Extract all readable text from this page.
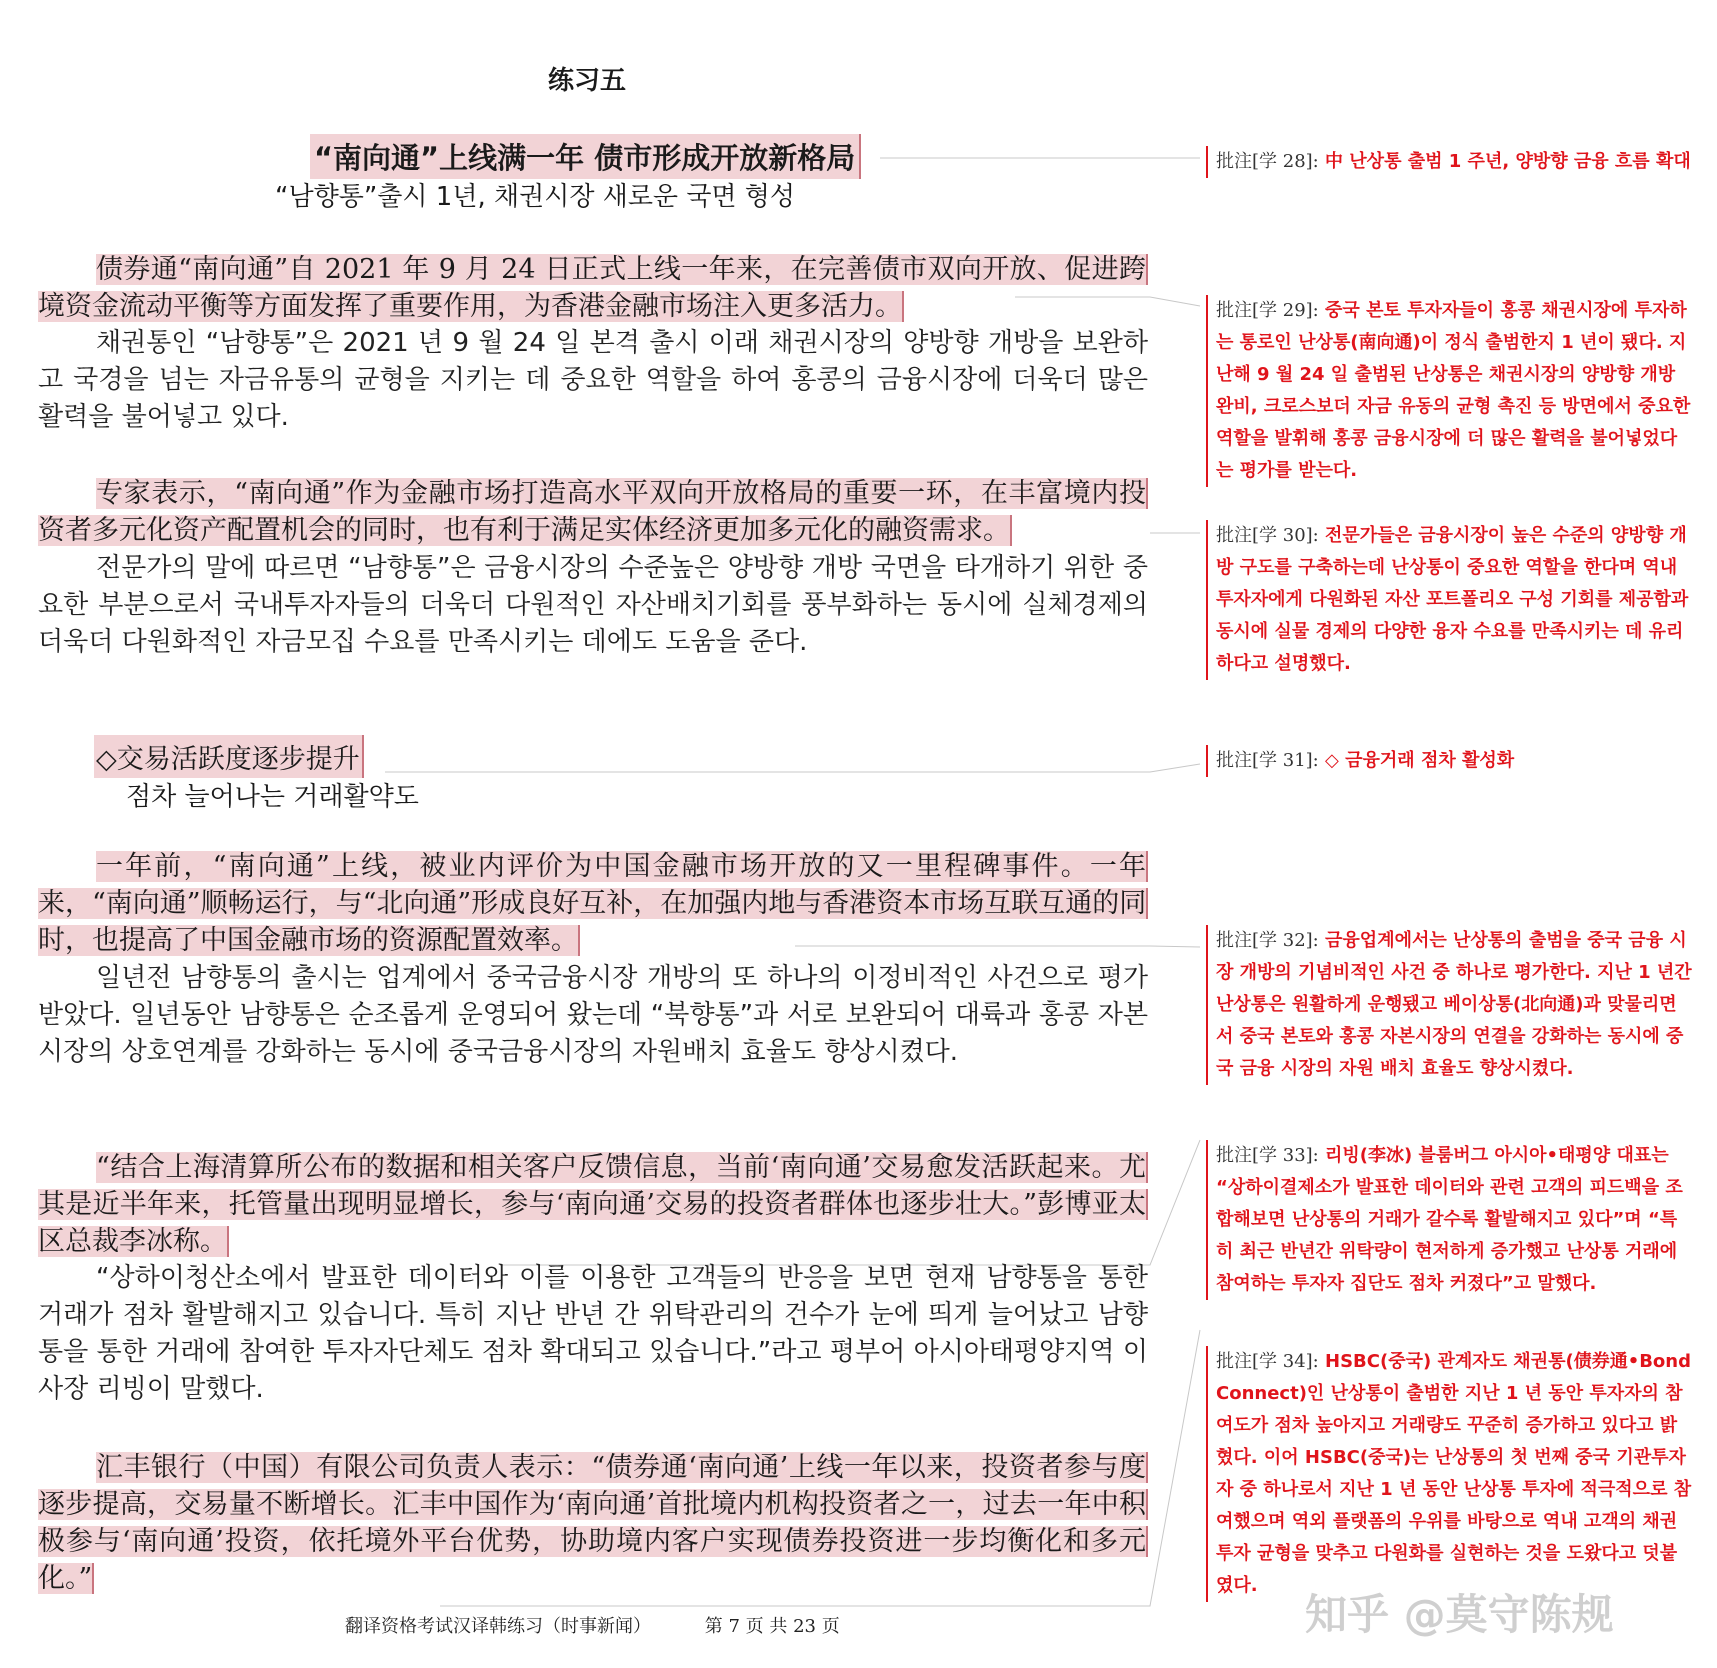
练习五
“南向通”上线满一年 债市形成开放新格局
“남향통”출시 1년, 채권시장 새로운 국면 형성
债券通“南向通”自 2021 年 9 月 24 日正式上线一年来，在完善债市双向开放、促进跨境资金流动平衡等方面发挥了重要作用，为香港金融市场注入更多活力。
채권통인 “남향통”은 2021 년 9 월 24 일 본격 출시 이래 채권시장의 양방향 개방을 보완하고 국경을 넘는 자금유통의 균형을 지키는 데 중요한 역할을 하여 홍콩의 금융시장에 더욱더 많은 활력을 불어넣고 있다.
专家表示，“南向通”作为金融市场打造高水平双向开放格局的重要一环，在丰富境内投资者多元化资产配置机会的同时，也有利于满足实体经济更加多元化的融资需求。
전문가의 말에 따르면 “남향통”은 금융시장의 수준높은 양방향 개방 국면을 타개하기 위한 중요한 부분으로서 국내투자자들의 더욱더 다원적인 자산배치기회를 풍부화하는 동시에 실체경제의 더욱더 다원화적인 자금모집 수요를 만족시키는 데에도 도움을 준다.
◇交易活跃度逐步提升
점차 늘어나는 거래활약도
一年前，“南向通”上线，被业内评价为中国金融市场开放的又一里程碑事件。一年来，“南向通”顺畅运行，与“北向通”形成良好互补，在加强内地与香港资本市场互联互通的同时，也提高了中国金融市场的资源配置效率。
일년전 남향통의 출시는 업계에서 중국금융시장 개방의 또 하나의 이정비적인 사건으로 평가받았다. 일년동안 남향통은 순조롭게 운영되어 왔는데 “북향통”과 서로 보완되어 대륙과 홍콩 자본시장의 상호연계를 강화하는 동시에 중국금융시장의 자원배치 효율도 향상시켰다.
“结合上海清算所公布的数据和相关客户反馈信息，当前‘南向通’交易愈发活跃起来。尤其是近半年来，托管量出现明显增长，参与‘南向通’交易的投资者群体也逐步壮大。”彭博亚太区总裁李冰称。
“상하이청산소에서 발표한 데이터와 이를 이용한 고객들의 반응을 보면 현재 남향통을 통한 거래가 점차 활발해지고 있습니다. 특히 지난 반년 간 위탁관리의 건수가 눈에 띄게 늘어났고 남향통을 통한 거래에 참여한 투자자단체도 점차 확대되고 있습니다.”라고 평부어 아시아태평양지역 이사장 리빙이 말했다.
汇丰银行（中国）有限公司负责人表示：“债券通‘南向通’上线一年以来，投资者参与度逐步提高，交易量不断增长。汇丰中国作为‘南向通’首批境内机构投资者之一，过去一年中积极参与‘南向通’投资，依托境外平台优势，协助境内客户实现债券投资进一步均衡化和多元化。”
批注[学 28]: 中 난상통 출범 1 주년, 양방향 금융 흐름 확대
批注[学 29]: 중국 본토 투자자들이 홍콩 채권시장에 투자하는 통로인 난상통(南向通)이 정식 출범한지 1 년이 됐다. 지난해 9 월 24 일 출범된 난상통은 채권시장의 양방향 개방 완비, 크로스보더 자금 유동의 균형 촉진 등 방면에서 중요한 역할을 발휘해 홍콩 금융시장에 더 많은 활력을 불어넣었다는 평가를 받는다.
批注[学 30]: 전문가들은 금융시장이 높은 수준의 양방향 개방 구도를 구축하는데 난상통이 중요한 역할을 한다며 역내 투자자에게 다원화된 자산 포트폴리오 구성 기회를 제공함과 동시에 실물 경제의 다양한 융자 수요를 만족시키는 데 유리하다고 설명했다.
批注[学 31]: ◇ 금융거래 점차 활성화
批注[学 32]: 금융업계에서는 난상통의 출범을 중국 금융 시장 개방의 기념비적인 사건 중 하나로 평가한다. 지난 1 년간 난상통은 원활하게 운행됐고 베이상통(北向通)과 맞물리면서 중국 본토와 홍콩 자본시장의 연결을 강화하는 동시에 중국 금융 시장의 자원 배치 효율도 향상시켰다.
批注[学 33]: 리빙(李冰) 블룸버그 아시아•태평양 대표는 “상하이결제소가 발표한 데이터와 관련 고객의 피드백을 조합해보면 난상통의 거래가 갈수록 활발해지고 있다”며 “특히 최근 반년간 위탁량이 현저하게 증가했고 난상통 거래에 참여하는 투자자 집단도 점차 커졌다”고 말했다.
批注[学 34]: HSBC(중국) 관계자도 채권통(债券通•Bond Connect)인 난상통이 출범한 지난 1 년 동안 투자자의 참여도가 점차 높아지고 거래량도 꾸준히 증가하고 있다고 밝혔다. 이어 HSBC(중국)는 난상통의 첫 번째 중국 기관투자자 중 하나로서 지난 1 년 동안 난상통 투자에 적극적으로 참여했으며 역외 플랫폼의 우위를 바탕으로 역내 고객의 채권 투자 균형을 맞추고 다원화를 실현하는 것을 도왔다고 덧붙였다.
翻译资格考试汉译韩练习（时事新闻）	第 7 页 共 23 页	知乎 @莫守陈规
